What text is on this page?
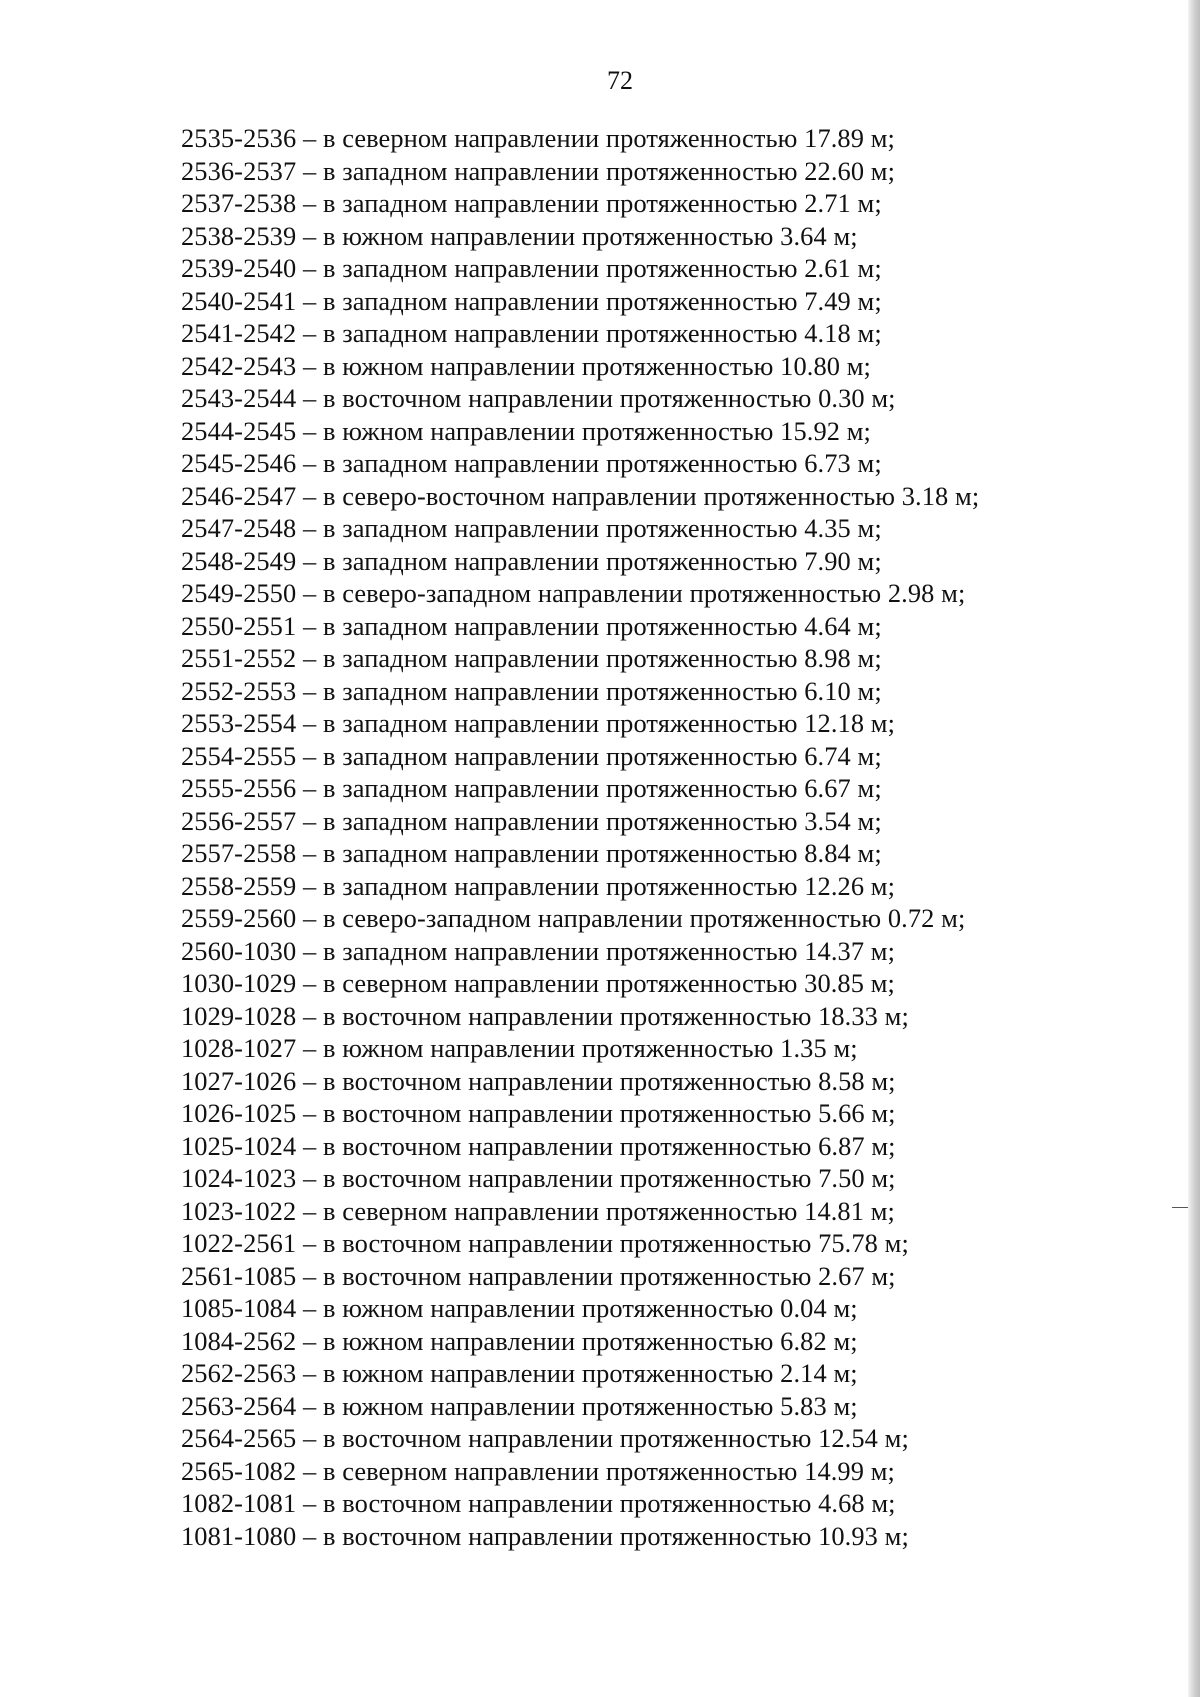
72
2535-2536 – в северном направлении протяженностью 17.89 м;
2536-2537 – в западном направлении протяженностью 22.60 м;
2537-2538 – в западном направлении протяженностью 2.71 м;
2538-2539 – в южном направлении протяженностью 3.64 м;
2539-2540 – в западном направлении протяженностью 2.61 м;
2540-2541 – в западном направлении протяженностью 7.49 м;
2541-2542 – в западном направлении протяженностью 4.18 м;
2542-2543 – в южном направлении протяженностью 10.80 м;
2543-2544 – в восточном направлении протяженностью 0.30 м;
2544-2545 – в южном направлении протяженностью 15.92 м;
2545-2546 – в западном направлении протяженностью 6.73 м;
2546-2547 – в северо-восточном направлении протяженностью 3.18 м;
2547-2548 – в западном направлении протяженностью 4.35 м;
2548-2549 – в западном направлении протяженностью 7.90 м;
2549-2550 – в северо-западном направлении протяженностью 2.98 м;
2550-2551 – в западном направлении протяженностью 4.64 м;
2551-2552 – в западном направлении протяженностью 8.98 м;
2552-2553 – в западном направлении протяженностью 6.10 м;
2553-2554 – в западном направлении протяженностью 12.18 м;
2554-2555 – в западном направлении протяженностью 6.74 м;
2555-2556 – в западном направлении протяженностью 6.67 м;
2556-2557 – в западном направлении протяженностью 3.54 м;
2557-2558 – в западном направлении протяженностью 8.84 м;
2558-2559 – в западном направлении протяженностью 12.26 м;
2559-2560 – в северо-западном направлении протяженностью 0.72 м;
2560-1030 – в западном направлении протяженностью 14.37 м;
1030-1029 – в северном направлении протяженностью 30.85 м;
1029-1028 – в восточном направлении протяженностью 18.33 м;
1028-1027 – в южном направлении протяженностью 1.35 м;
1027-1026 – в восточном направлении протяженностью 8.58 м;
1026-1025 – в восточном направлении протяженностью 5.66 м;
1025-1024 – в восточном направлении протяженностью 6.87 м;
1024-1023 – в восточном направлении протяженностью 7.50 м;
1023-1022 – в северном направлении протяженностью 14.81 м;
1022-2561 – в восточном направлении протяженностью 75.78 м;
2561-1085 – в восточном направлении протяженностью 2.67 м;
1085-1084 – в южном направлении протяженностью 0.04 м;
1084-2562 – в южном направлении протяженностью 6.82 м;
2562-2563 – в южном направлении протяженностью 2.14 м;
2563-2564 – в южном направлении протяженностью 5.83 м;
2564-2565 – в восточном направлении протяженностью 12.54 м;
2565-1082 – в северном направлении протяженностью 14.99 м;
1082-1081 – в восточном направлении протяженностью 4.68 м;
1081-1080 – в восточном направлении протяженностью 10.93 м;
